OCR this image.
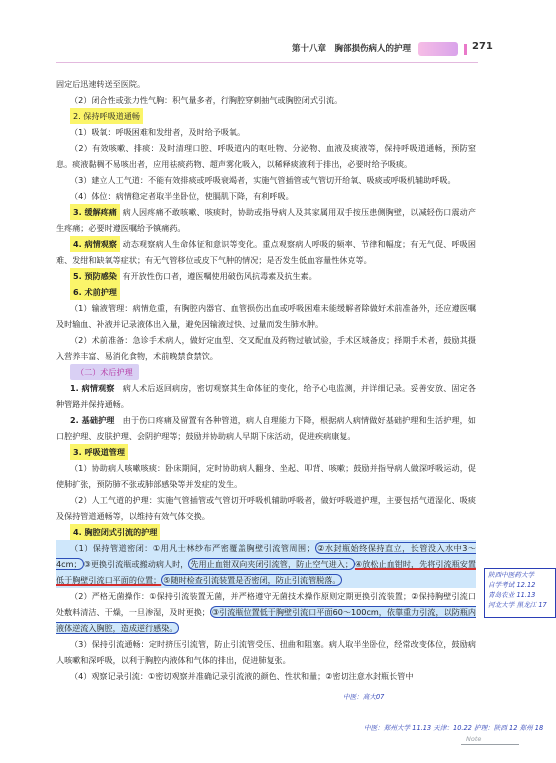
第十八章　胸部损伤病人的护理	271

固定后迅速转送至医院。

（2）闭合性或张力性气胸：积气量多者，行胸腔穿刺抽气或胸腔闭式引流。

2. 保持呼吸道通畅

（1）吸氧：呼吸困难和发绀者，及时给予吸氧。

（2）有效咳嗽、排痰：及时清理口腔、呼吸道内的呕吐物、分泌物、血液及痰液等，保持呼吸道通畅，预防窒息。痰液黏稠不易咳出者，应用祛痰药物、超声雾化吸入，以稀释痰液利于排出，必要时给予吸痰。

（3）建立人工气道：不能有效排痰或呼吸衰竭者，实施气管插管或气管切开给氧、吸痰或呼吸机辅助呼吸。

（4）体位：病情稳定者取半坐卧位，使膈肌下降，有利呼吸。

3. 缓解疼痛 病人因疼痛不敢咳嗽、咳痰时，协助或指导病人及其家属用双手按压患侧胸壁，以减轻伤口震动产生疼痛；必要时遵医嘱给予镇痛药。

4. 病情观察 动态观察病人生命体征和意识等变化。重点观察病人呼吸的频率、节律和幅度；有无气促、呼吸困难、发绀和缺氧等症状；有无气管移位或皮下气肿的情况；是否发生低血容量性休克等。

5. 预防感染 有开放性伤口者，遵医嘱使用破伤风抗毒素及抗生素。

6. 术前护理

（1）输液管理：病情危重，有胸腔内器官、血管损伤出血或呼吸困难未能缓解者除做好术前准备外，还应遵医嘱及时输血、补液并记录液体出入量，避免因输液过快、过量而发生肺水肿。

（2）术前准备：急诊手术病人，做好定血型、交叉配血及药物过敏试验，手术区域备皮；择期手术者，鼓励其摄入营养丰富、易消化食物，术前晚禁食禁饮。

（二）术后护理

1. 病情观察　 病人术后返回病房，密切观察其生命体征的变化，给予心电监测，并详细记录。妥善安放、固定各种管路并保持通畅。

2. 基础护理　 由于伤口疼痛及留置有各种管道，病人自理能力下降，根据病人病情做好基础护理和生活护理，如口腔护理、皮肤护理、会阴护理等；鼓励并协助病人早期下床活动，促进疾病康复。

3. 呼吸道管理

（1）协助病人咳嗽咳痰：卧床期间，定时协助病人翻身、坐起、叩背、咳嗽；鼓励并指导病人做深呼吸运动，促使肺扩张，预防肺不张或肺部感染等并发症的发生。

（2）人工气道的护理：实施气管插管或气管切开呼吸机辅助呼吸者，做好呼吸道护理，主要包括气道湿化、吸痰及保持管道通畅等，以维持有效气体交换。

4. 胸腔闭式引流的护理

（1）保持管道密闭：①用凡士林纱布严密覆盖胸壁引流管周围； ②水封瓶始终保持直立，长管没入水中3～4cm； ③更换引流瓶或搬动病人时， 先用止血钳双向夹闭引流管，防止空气进入； ④放松止血钳时，先将引流瓶安置低于胸壁引流口平面的位置； ⑤随时检查引流装置是否密闭，防止引流管脱落。

（2）严格无菌操作：①保持引流装置无菌，并严格遵守无菌技术操作原则定期更换引流装置；②保持胸壁引流口处敷料清洁、干燥，一旦渗湿，及时更换； ③引流瓶位置低于胸壁引流口平面60～100cm，依靠重力引流，以防瓶内液体逆流入胸腔，造成逆行感染。

（3）保持引流通畅：定时挤压引流管，防止引流管受压、扭曲和阻塞。病人取半坐卧位，经常改变体位，鼓励病人咳嗽和深呼吸，以利于胸腔内液体和气体的排出，促进肺复张。

（4）观察记录引流：①密切观察并准确记录引流液的颜色、性状和量；②密切注意水封瓶长管中

陕西中医药大学
自学考试 12.12
青岛农业 11.13
河北大学 黑龙江 17
中医：高大07
中医：郑州大学 11.13 天津：10.22 护理：陕西 12 郑州 18
Note
